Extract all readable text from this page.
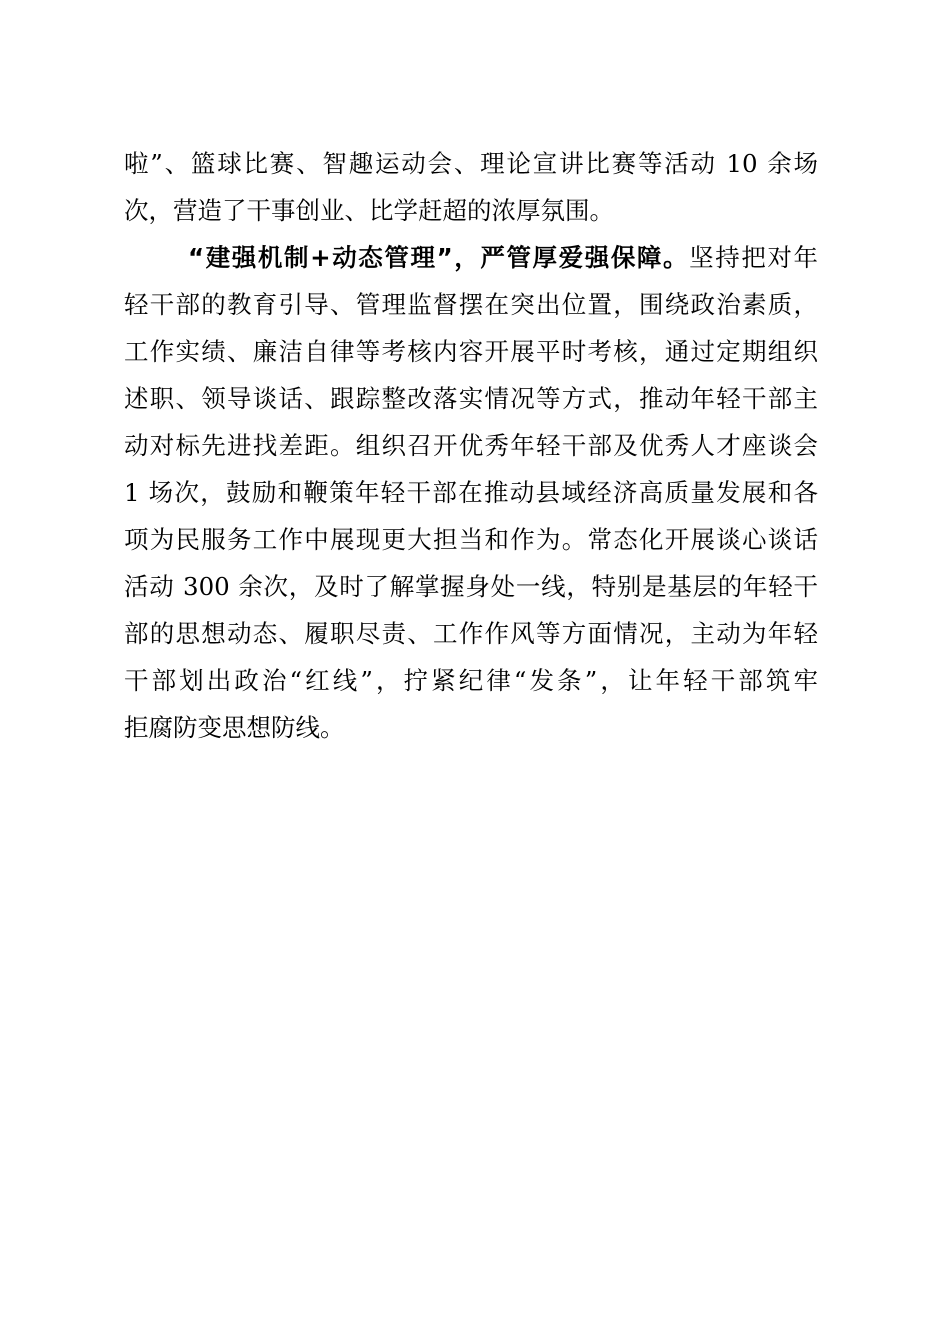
啦”、篮球比赛、智趣运动会、理论宣讲比赛等活动 10 余场
次，营造了干事创业、比学赶超的浓厚氛围。
“建强机制+动态管理”，严管厚爱强保障。坚持把对年
轻干部的教育引导、管理监督摆在突出位置，围绕政治素质，
工作实绩、廉洁自律等考核内容开展平时考核，通过定期组织
述职、领导谈话、跟踪整改落实情况等方式，推动年轻干部主
动对标先进找差距。组织召开优秀年轻干部及优秀人才座谈会
1 场次，鼓励和鞭策年轻干部在推动县域经济高质量发展和各
项为民服务工作中展现更大担当和作为。常态化开展谈心谈话
活动 300 余次，及时了解掌握身处一线，特别是基层的年轻干
部的思想动态、履职尽责、工作作风等方面情况，主动为年轻
干部划出政治“红线”，拧紧纪律“发条”，让年轻干部筑牢
拒腐防变思想防线。
